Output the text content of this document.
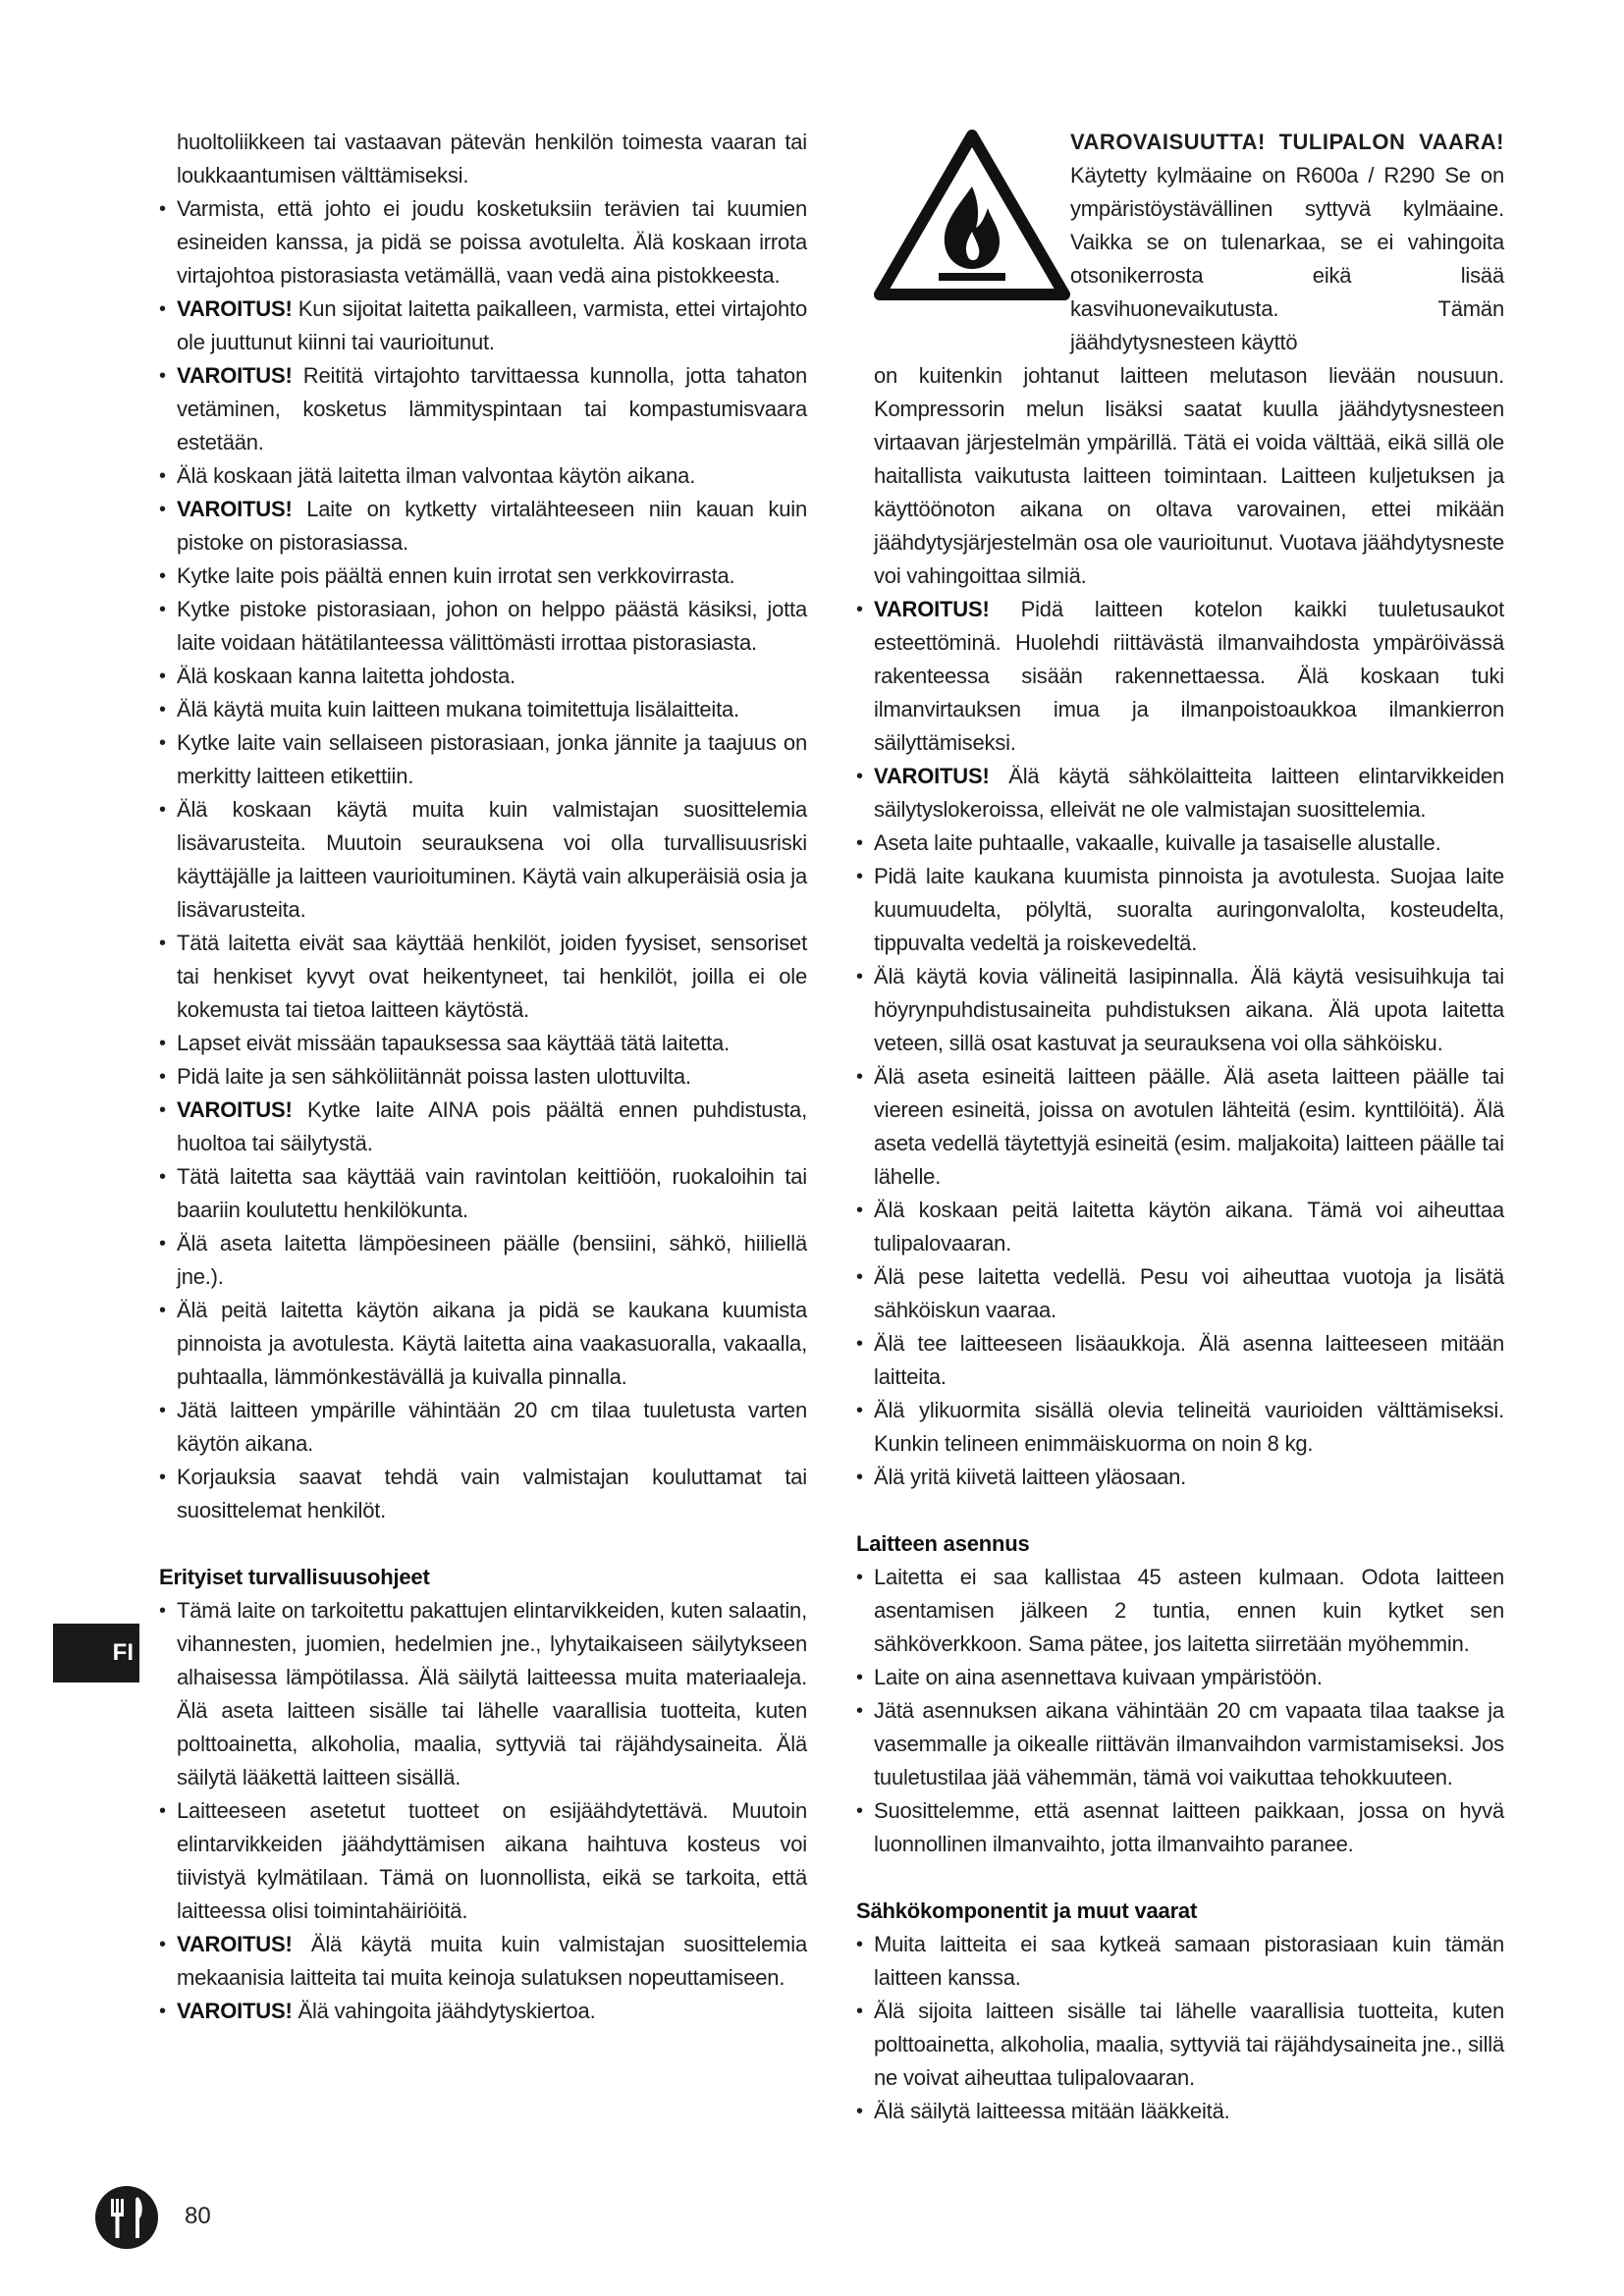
huoltoliikkeen tai vastaavan pätevän henkilön toimesta vaaran tai loukkaantumisen välttämiseksi.

• Varmista, että johto ei joudu kosketuksiin terävien tai kuumien esineiden kanssa, ja pidä se poissa avotulelta. Älä koskaan irrota virtajohtoa pistorasiasta vetämällä, vaan vedä aina pistokkeesta.
• VAROITUS! Kun sijoitat laitetta paikalleen, varmista, ettei virtajohto ole juuttunut kiinni tai vaurioitunut.
• VAROITUS! Reititä virtajohto tarvittaessa kunnolla, jotta tahaton vetäminen, kosketus lämmityspintaan tai kompastumisvaara estetään.
• Älä koskaan jätä laitetta ilman valvontaa käytön aikana.
• VAROITUS! Laite on kytketty virtalähteeseen niin kauan kuin pistoke on pistorasiassa.
• Kytke laite pois päältä ennen kuin irrotat sen verkkovirrasta.
• Kytke pistoke pistorasiaan, johon on helppo päästä käsiksi, jotta laite voidaan hätätilanteessa välittömästi irrottaa pistorasiasta.
• Älä koskaan kanna laitetta johdosta.
• Älä käytä muita kuin laitteen mukana toimitettuja lisälaitteita.
• Kytke laite vain sellaiseen pistorasiaan, jonka jännite ja taajuus on merkitty laitteen etikettiin.
• Älä koskaan käytä muita kuin valmistajan suosittelemia lisävarusteita. Muutoin seurauksena voi olla turvallisuusriski käyttäjälle ja laitteen vaurioituminen. Käytä vain alkuperäisiä osia ja lisävarusteita.
• Tätä laitetta eivät saa käyttää henkilöt, joiden fyysiset, sensoriset tai henkiset kyvyt ovat heikentyneet, tai henkilöt, joilla ei ole kokemusta tai tietoa laitteen käytöstä.
• Lapset eivät missään tapauksessa saa käyttää tätä laitetta.
• Pidä laite ja sen sähköliitännät poissa lasten ulottuvilta.
• VAROITUS! Kytke laite AINA pois päältä ennen puhdistusta, huoltoa tai säilytystä.
• Tätä laitetta saa käyttää vain ravintolan keittiöön, ruokaloihin tai baariin koulutettu henkilökunta.
• Älä aseta laitetta lämpöesineen päälle (bensiini, sähkö, hiiliellä jne.).
• Älä peitä laitetta käytön aikana ja pidä se kaukana kuumista pinnoista ja avotulesta. Käytä laitetta aina vaakasuoralla, vakaalla, puhtaalla, lämmönkestävällä ja kuivalla pinnalla.
• Jätä laitteen ympärille vähintään 20 cm tilaa tuuletusta varten käytön aikana.
• Korjauksia saavat tehdä vain valmistajan kouluttamat tai suosittelemat henkilöt.
Erityiset turvallisuusohjeet
• Tämä laite on tarkoitettu pakattujen elintarvikkeiden, kuten salaatin, vihannesten, juomien, hedelmien jne., lyhytaikaiseen säilytykseen alhaisessa lämpötilassa. Älä säilytä laitteessa muita materiaaleja. Älä aseta laitteen sisälle tai lähelle vaarallisia tuotteita, kuten polttoainetta, alkoholia, maalia, syttyviä tai räjähdysaineita. Älä säilytä lääkettä laitteen sisällä.
• Laitteeseen asetetut tuotteet on esijäähdytettävä. Muutoin elintarvikkeiden jäähdyttämisen aikana haihtuva kosteus voi tiivistyä kylmätilaan. Tämä on luonnollista, eikä se tarkoita, että laitteessa olisi toimintahäiriöitä.
• VAROITUS! Älä käytä muita kuin valmistajan suosittelemia mekaanisia laitteita tai muita keinoja sulatuksen nopeuttamiseen.
• VAROITUS! Älä vahingoita jäähdytyskiertoa.
VAROVAISUUTTA! TULIPALON VAARA!
Käytetty kylmäaine on R600a / R290 Se on ympäristöystävällinen syttyvä kylmäaine. Vaikka se on tulenarkaa, se ei vahingoita otsonikerrosta eikä lisää kasvihuonevaikutusta. Tämän jäähdytysnesteen käyttö
on kuitenkin johtanut laitteen melutason lievään nousuun. Kompressorin melun lisäksi saatat kuulla jäähdytysnesteen virtaavan järjestelmän ympärillä. Tätä ei voida välttää, eikä sillä ole haitallista vaikutusta laitteen toimintaan. Laitteen kuljetuksen ja käyttöönoton aikana on oltava varovainen, ettei mikään jäähdytysjärjestelmän osa ole vaurioitunut. Vuotava jäähdytysneste voi vahingoittaa silmiä.
• VAROITUS! Pidä laitteen kotelon kaikki tuuletusaukot esteettöminä. Huolehdi riittävästä ilmanvaihdosta ympäröivässä rakenteessa sisään rakennettaessa. Älä koskaan tuki ilmanvirtauksen imua ja ilmanpoistoaukkoa ilmankierron säilyttämiseksi.
• VAROITUS! Älä käytä sähkölaitteita laitteen elintarvikkeiden säilytyslokeroissa, elleivät ne ole valmistajan suosittelemia.
• Aseta laite puhtaalle, vakaalle, kuivalle ja tasaiselle alustalle.
• Pidä laite kaukana kuumista pinnoista ja avotulesta. Suojaa laite kuumuudelta, pölyltä, suoralta auringonvalolta, kosteudelta, tippuvalta vedeltä ja roiskevedeltä.
• Älä käytä kovia välineitä lasipinnalla. Älä käytä vesisuihkuja tai höyrynpuhdistusaineita puhdistuksen aikana. Älä upota laitetta veteen, sillä osat kastuvat ja seurauksena voi olla sähköisku.
• Älä aseta esineitä laitteen päälle. Älä aseta laitteen päälle tai viereen esineitä, joissa on avotulen lähteitä (esim. kynttilöitä). Älä aseta vedellä täytettyjä esineitä (esim. maljakoita) laitteen päälle tai lähelle.
• Älä koskaan peitä laitetta käytön aikana. Tämä voi aiheuttaa tulipalovaaran.
• Älä pese laitetta vedellä. Pesu voi aiheuttaa vuotoja ja lisätä sähköiskun vaaraa.
• Älä tee laitteeseen lisäaukkoja. Älä asenna laitteeseen mitään laitteita.
• Älä ylikuormita sisällä olevia telineitä vaurioiden välttämiseksi. Kunkin telineen enimmäiskuorma on noin 8 kg.
• Älä yritä kiivetä laitteen yläosaan.
Laitteen asennus
• Laitetta ei saa kallistaa 45 asteen kulmaan. Odota laitteen asentamisen jälkeen 2 tuntia, ennen kuin kytket sen sähköverkkoon. Sama pätee, jos laitetta siirretään myöhemmin.
• Laite on aina asennettava kuivaan ympäristöön.
• Jätä asennuksen aikana vähintään 20 cm vapaata tilaa taakse ja vasemmalle ja oikealle riittävän ilmanvaihdon varmistamiseksi. Jos tuuletustilaa jää vähemmän, tämä voi vaikuttaa tehokkuuteen.
• Suosittelemme, että asennat laitteen paikkaan, jossa on hyvä luonnollinen ilmanvaihto, jotta ilmanvaihto paranee.
Sähkökomponentit ja muut vaarat
• Muita laitteita ei saa kytkeä samaan pistorasiaan kuin tämän laitteen kanssa.
• Älä sijoita laitteen sisälle tai lähelle vaarallisia tuotteita, kuten polttoainetta, alkoholia, maalia, syttyviä tai räjähdysaineita jne., sillä ne voivat aiheuttaa tulipalovaaran.
• Älä säilytä laitteessa mitään lääkkeitä.
FI
80
